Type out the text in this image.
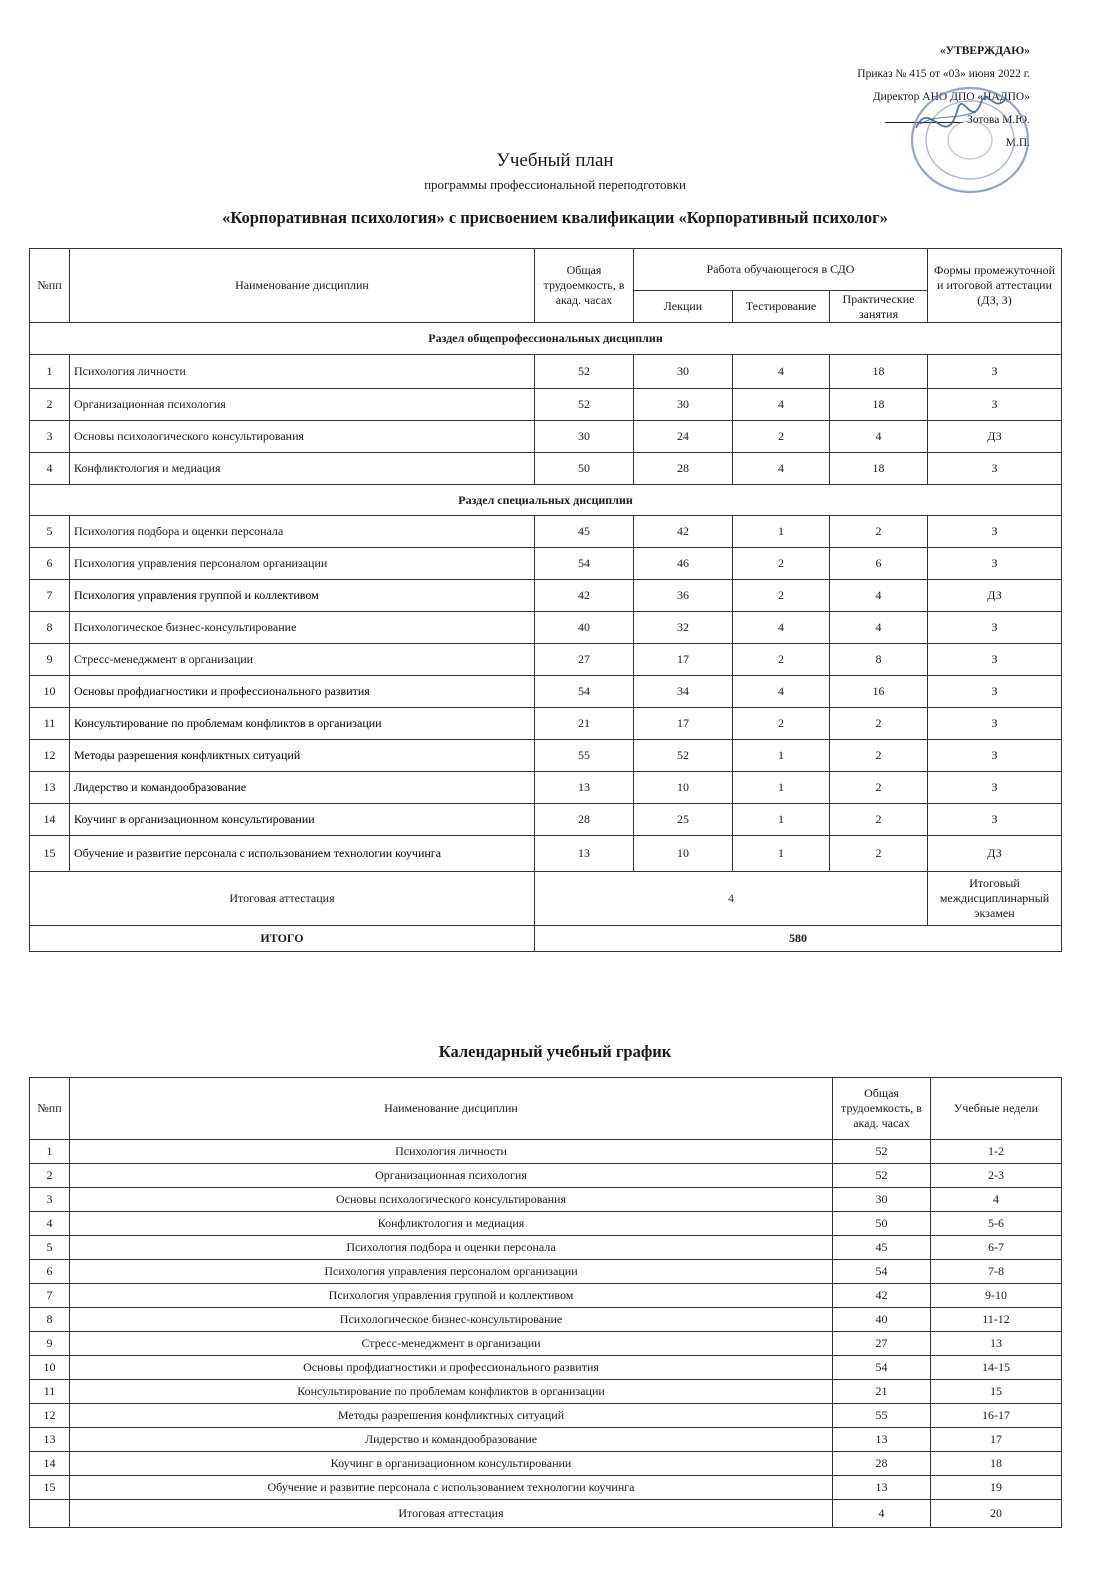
«УТВЕРЖДАЮ»
Приказ № 415 от «03» июня 2022 г.
Директор АНО ДПО «НАДПО»
Зотова М.Ю.
М.П.
Учебный план
программы профессиональной переподготовки
«Корпоративная психология» с присвоением квалификации «Корпоративный психолог»
№пп	Наименование дисциплин	Общая трудоемкость, в акад. часах	Работа обучающегося в СДО			Формы промежуточной и итоговой аттестации (ДЗ, З)
			Лекции	Тестирование	Практические занятия	
Раздел общепрофессиональных дисциплин						
1	Психология личности	52	30	4	18	З
2	Организационная психология	52	30	4	18	З
3	Основы психологического консультирования	30	24	2	4	ДЗ
4	Конфликтология и медиация	50	28	4	18	З
Раздел специальных дисциплин						
5	Психология подбора и оценки персонала	45	42	1	2	З
6	Психология управления персоналом организации	54	46	2	6	З
7	Психология управления группой и коллективом	42	36	2	4	ДЗ
8	Психологическое бизнес-консультирование	40	32	4	4	З
9	Стресс-менеджмент в организации	27	17	2	8	З
10	Основы профдиагностики и профессионального развития	54	34	4	16	З
11	Консультирование по проблемам конфликтов в организации	21	17	2	2	З
12	Методы разрешения конфликтных ситуаций	55	52	1	2	З
13	Лидерство и командообразование	13	10	1	2	З
14	Коучинг в организационном консультировании	28	25	1	2	З
15	Обучение и развитие персонала с использованием технологии коучинга	13	10	1	2	ДЗ
Итоговая аттестация		4				Итоговый междисциплинарный экзамен
ИТОГО		580				
Календарный учебный график
№пп	Наименование дисциплин	Общая трудоемкость, в акад. часах	Учебные недели
1	Психология личности	52	1-2
2	Организационная психология	52	2-3
3	Основы психологического консультирования	30	4
4	Конфликтология и медиация	50	5-6
5	Психология подбора и оценки персонала	45	6-7
6	Психология управления персоналом организации	54	7-8
7	Психология управления группой и коллективом	42	9-10
8	Психологическое бизнес-консультирование	40	11-12
9	Стресс-менеджмент в организации	27	13
10	Основы профдиагностики и профессионального развития	54	14-15
11	Консультирование по проблемам конфликтов в организации	21	15
12	Методы разрешения конфликтных ситуаций	55	16-17
13	Лидерство и командообразование	13	17
14	Коучинг в организационном консультировании	28	18
15	Обучение и развитие персонала с использованием технологии коучинга	13	19
	Итоговая аттестация	4	20
